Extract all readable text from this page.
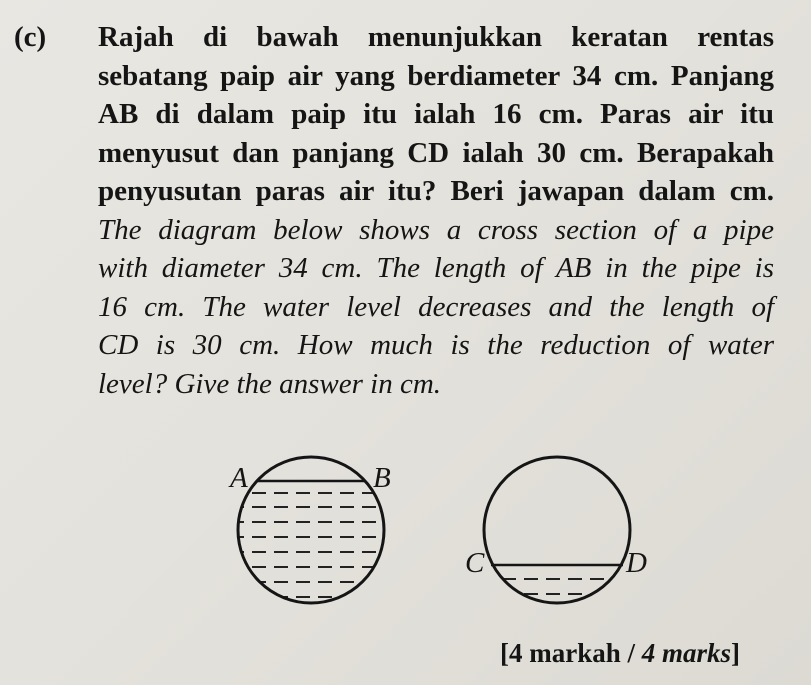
(c) Rajah di bawah menunjukkan keratan rentas
sebatang paip air yang berdiameter 34 cm. Panjang
AB di dalam paip itu ialah 16 cm. Paras air itu
menyusut dan panjang CD ialah 30 cm. Berapakah
penyusutan paras air itu? Beri jawapan dalam cm.
The diagram below shows a cross section of a pipe
with diameter 34 cm. The length of AB in the pipe is
16 cm. The water level decreases and the length of
CD is 30 cm. How much is the reduction of water
level? Give the answer in cm.
A	B
C	D
[4 markah / 4 marks]
